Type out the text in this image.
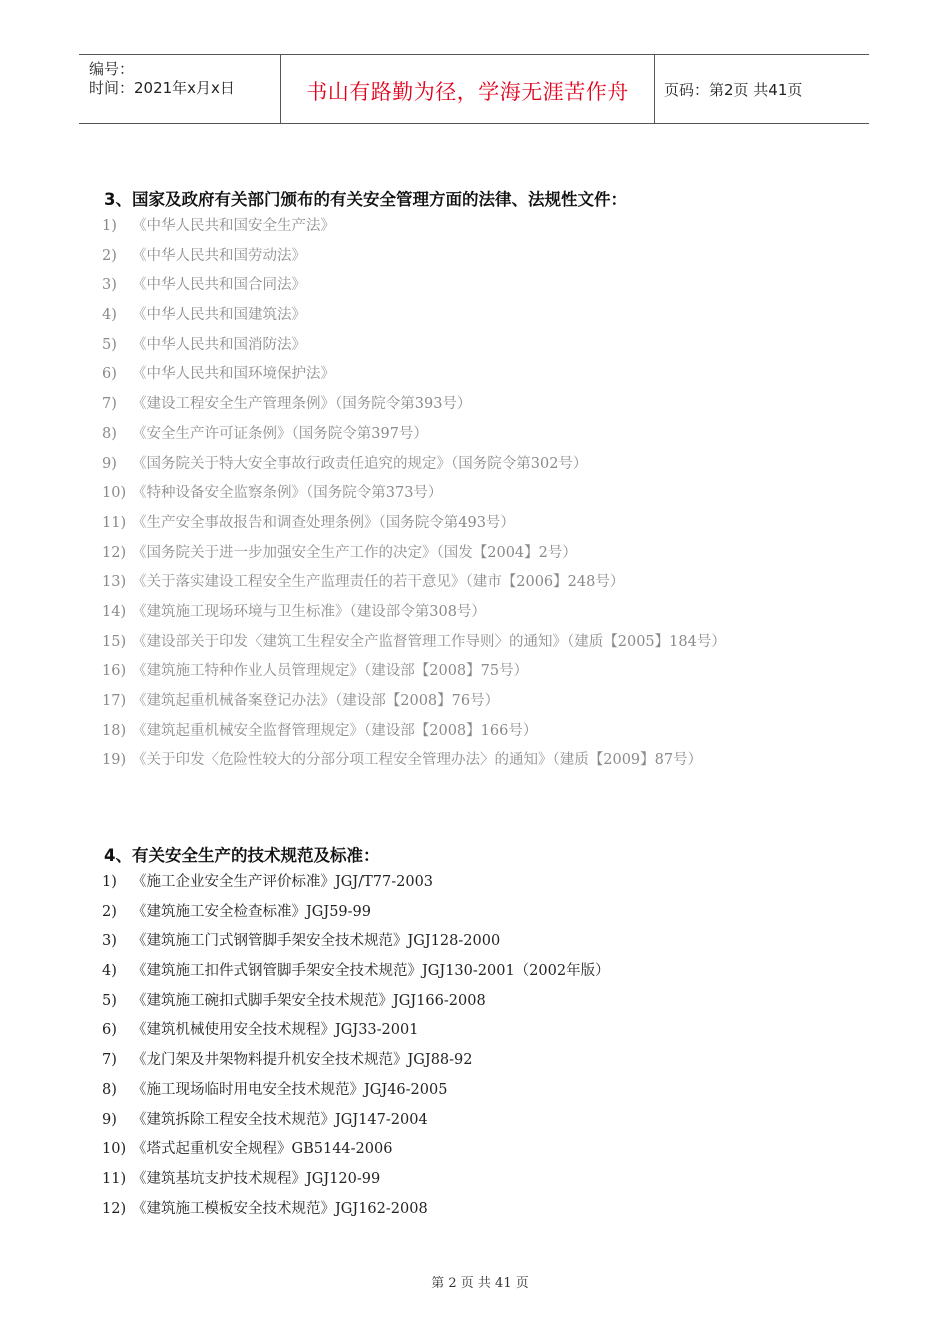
编号：
时间：2021年x月x日	书山有路勤为径，学海无涯苦作舟	页码：第2页 共41页
3、国家及政府有关部门颁布的有关安全管理方面的法律、法规性文件：
1) 《中华人民共和国安全生产法》
2) 《中华人民共和国劳动法》
3) 《中华人民共和国合同法》
4) 《中华人民共和国建筑法》
5) 《中华人民共和国消防法》
6) 《中华人民共和国环境保护法》
7) 《建设工程安全生产管理条例》（国务院令第393号）
8) 《安全生产许可证条例》（国务院令第397号）
9) 《国务院关于特大安全事故行政责任追究的规定》（国务院令第302号）
10) 《特种设备安全监察条例》（国务院令第373号）
11) 《生产安全事故报告和调查处理条例》（国务院令第493号）
12) 《国务院关于进一步加强安全生产工作的决定》（国发【2004】2号）
13) 《关于落实建设工程安全生产监理责任的若干意见》（建市【2006】248号）
14) 《建筑施工现场环境与卫生标准》（建设部令第308号）
15) 《建设部关于印发〈建筑工生程安全产监督管理工作导则〉的通知》（建质【2005】184号）
16) 《建筑施工特种作业人员管理规定》（建设部【2008】75号）
17) 《建筑起重机械备案登记办法》（建设部【2008】76号）
18) 《建筑起重机械安全监督管理规定》（建设部【2008】166号）
19) 《关于印发〈危险性较大的分部分项工程安全管理办法〉的通知》（建质【2009】87号）
4、有关安全生产的技术规范及标准：
1) 《施工企业安全生产评价标准》JGJ/T77-2003
2) 《建筑施工安全检查标准》JGJ59-99
3) 《建筑施工门式钢管脚手架安全技术规范》JGJ128-2000
4) 《建筑施工扣件式钢管脚手架安全技术规范》JGJ130-2001（2002年版）
5) 《建筑施工碗扣式脚手架安全技术规范》JGJ166-2008
6) 《建筑机械使用安全技术规程》JGJ33-2001
7) 《龙门架及井架物料提升机安全技术规范》JGJ88-92
8) 《施工现场临时用电安全技术规范》JGJ46-2005
9) 《建筑拆除工程安全技术规范》JGJ147-2004
10) 《塔式起重机安全规程》GB5144-2006
11) 《建筑基坑支护技术规程》JGJ120-99
12) 《建筑施工模板安全技术规范》JGJ162-2008
第 2 页 共 41 页
